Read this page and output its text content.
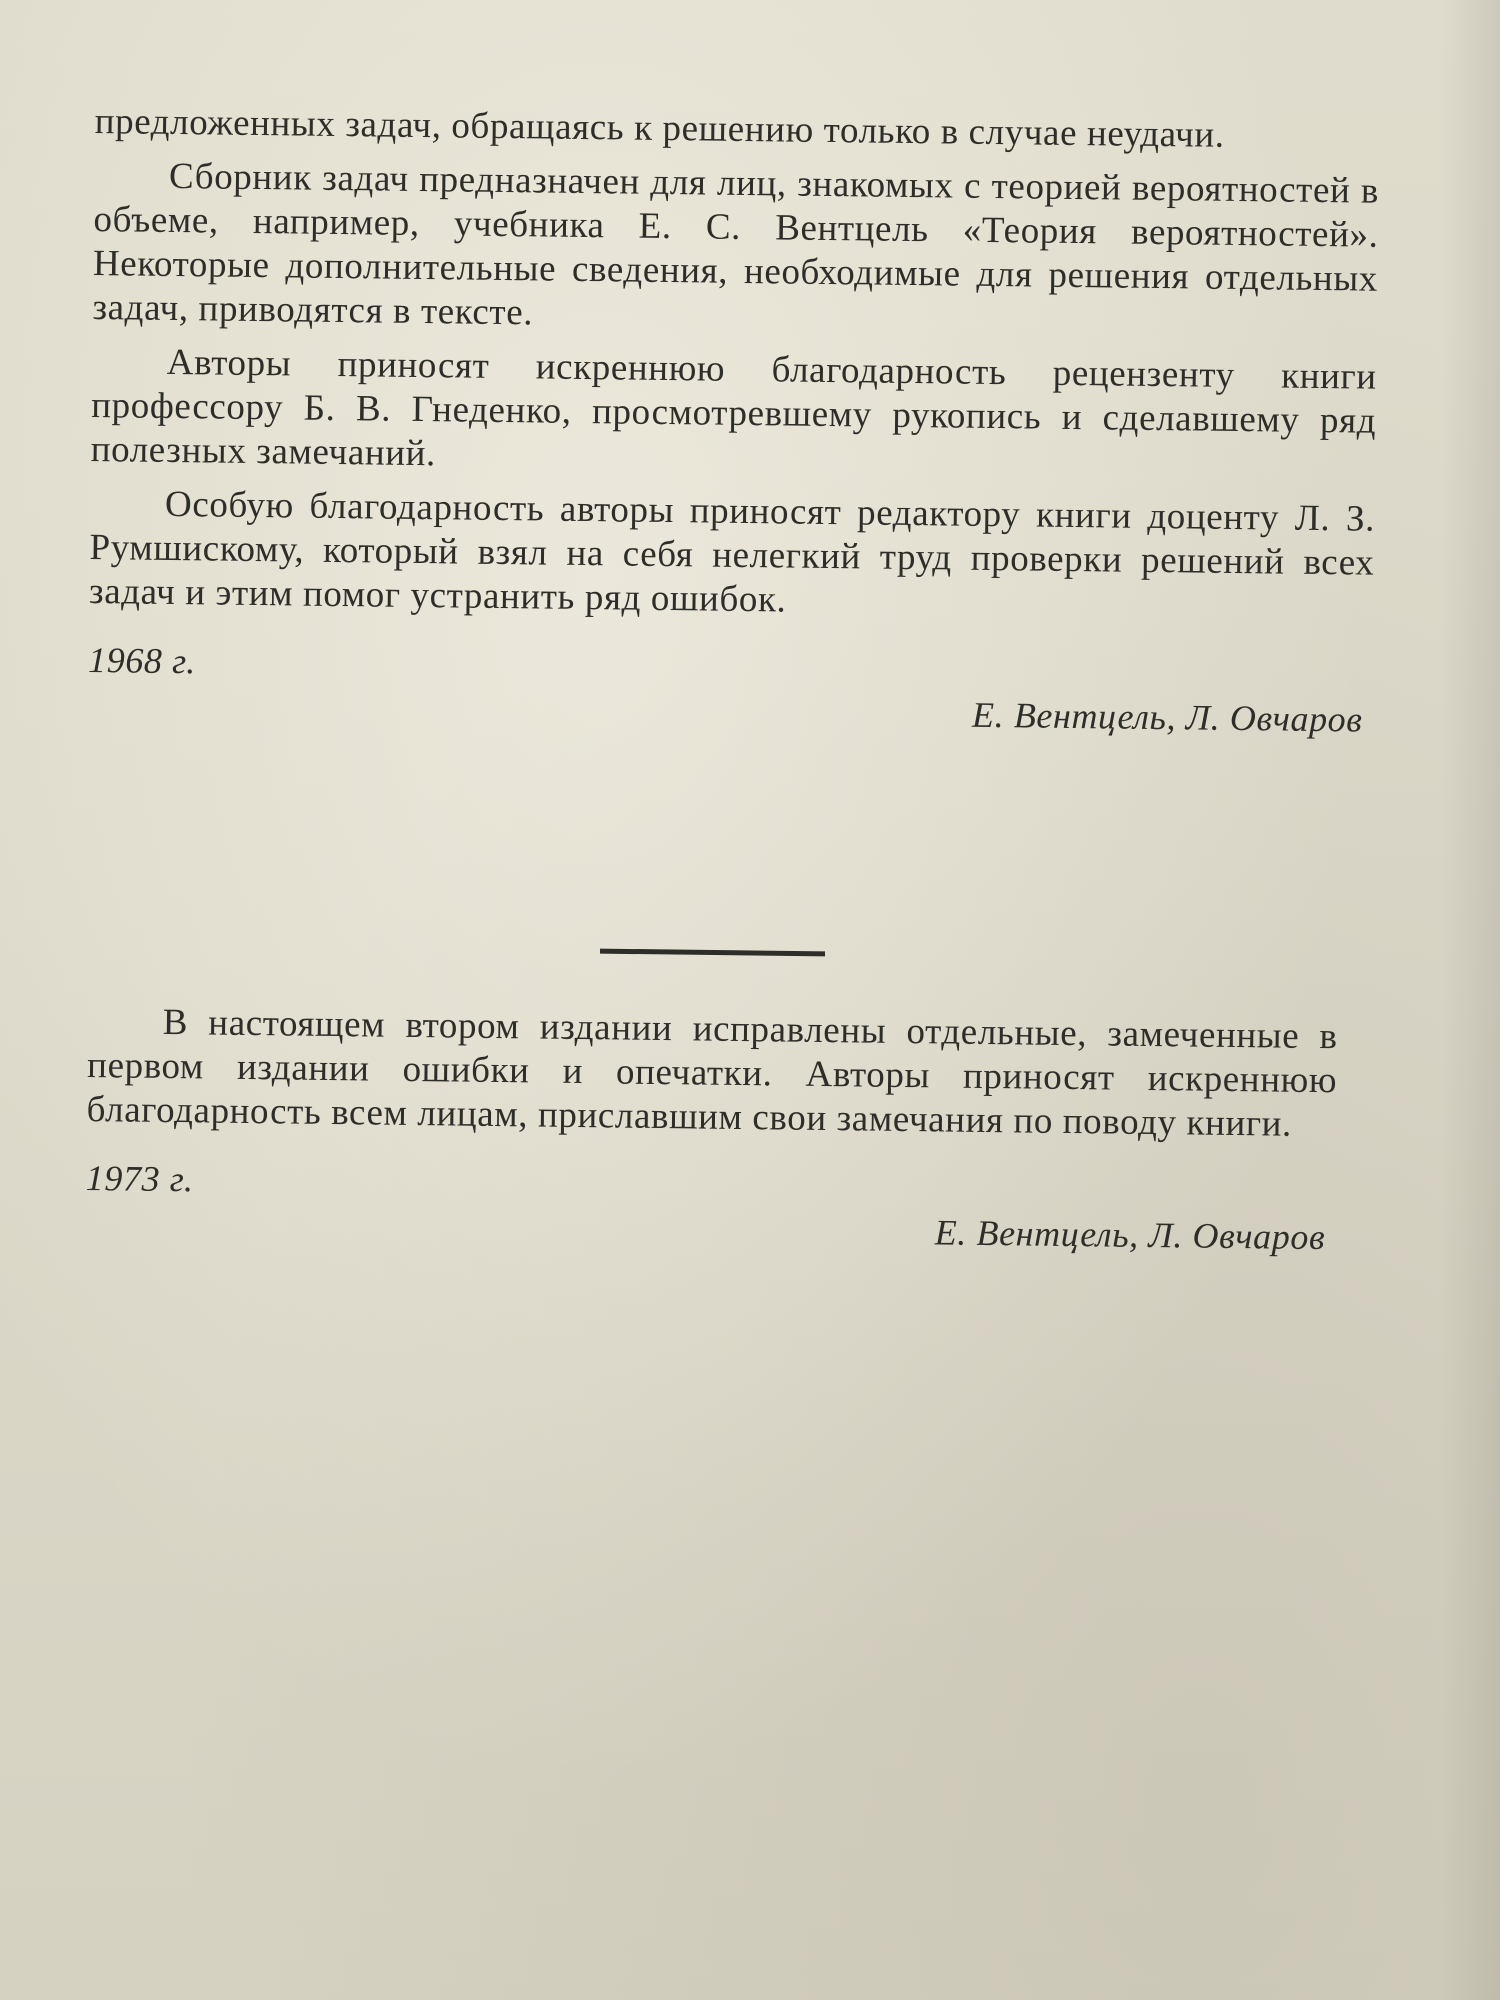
предложенных задач, обращаясь к решению только в случае неудачи.

Сборник задач предназначен для лиц, знакомых с теорией вероятностей в объеме, например, учебника Е. С. Вентцель «Теория вероятностей». Некоторые дополнительные сведения, необходимые для решения отдельных задач, приводятся в тексте.

Авторы приносят искреннюю благодарность рецензенту книги профессору Б. В. Гнеденко, просмотревшему рукопись и сделавшему ряд полезных замечаний.

Особую благодарность авторы приносят редактору книги доценту Л. З. Румшискому, который взял на себя нелегкий труд проверки решений всех задач и этим помог устранить ряд ошибок.

1968 г.
Е. Вентцель, Л. Овчаров

В настоящем втором издании исправлены отдельные, замеченные в первом издании ошибки и опечатки. Авторы приносят искреннюю благодарность всем лицам, приславшим свои замечания по поводу книги.

1973 г.
Е. Вентцель, Л. Овчаров
